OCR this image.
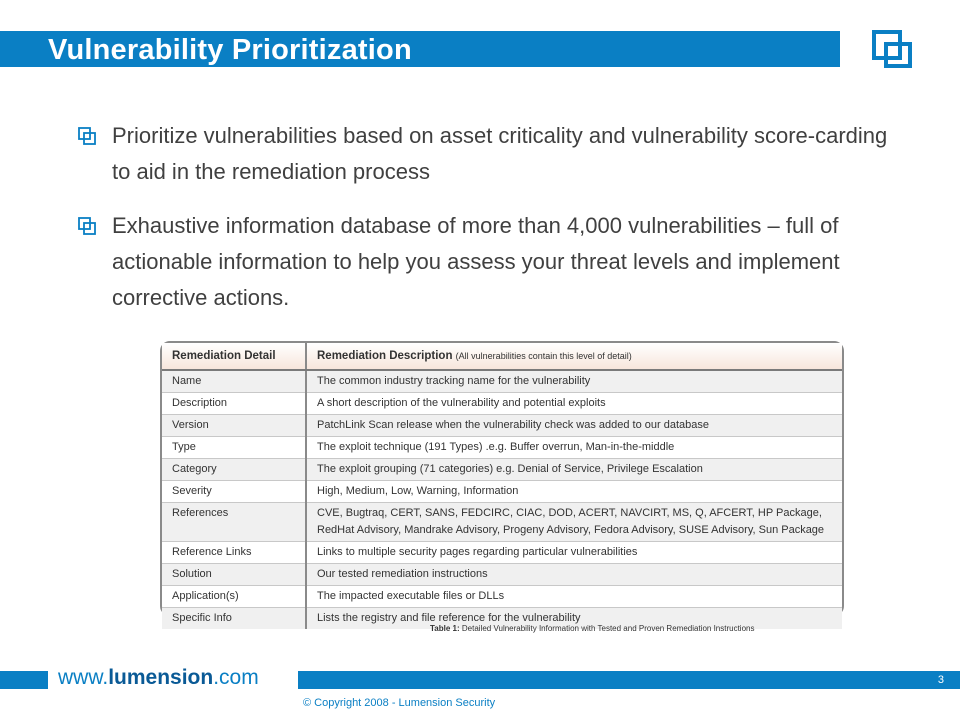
Vulnerability Prioritization
Prioritize vulnerabilities based on asset criticality and vulnerability score-carding to aid in the remediation process
Exhaustive information database of more than 4,000 vulnerabilities – full of actionable information to help you assess your threat levels and implement corrective actions.
Remediation Detail	Remediation Description (All vulnerabilities contain this level of detail)
Name	The common industry tracking name for the vulnerability
Description	A short description of the vulnerability and potential exploits
Version	PatchLink Scan release when the vulnerability check was added to our database
Type	The exploit technique (191 Types) .e.g. Buffer overrun, Man-in-the-middle
Category	The exploit grouping (71 categories) e.g. Denial of Service, Privilege Escalation
Severity	High, Medium, Low, Warning, Information
References	CVE, Bugtraq, CERT, SANS, FEDCIRC, CIAC, DOD, ACERT, NAVCIRT, MS, Q, AFCERT, HP Package, RedHat Advisory, Mandrake Advisory, Progeny Advisory, Fedora Advisory, SUSE Advisory, Sun Package
Reference Links	Links to multiple security pages regarding particular vulnerabilities
Solution	Our tested remediation instructions
Application(s)	The impacted executable files or DLLs
Specific Info	Lists the registry and file reference for the vulnerability
Table 1: Detailed Vulnerability Information with Tested and Proven Remediation Instructions
www.lumension.com	3
© Copyright 2008 - Lumension Security
